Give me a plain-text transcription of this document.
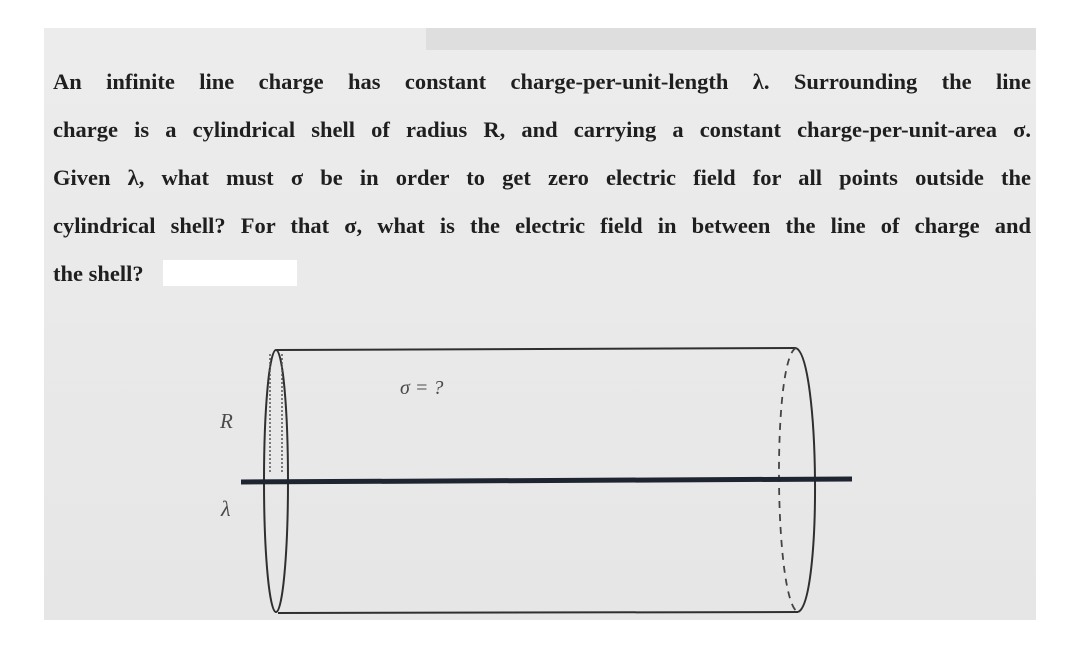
An infinite line charge has constant charge-per-unit-length λ. Surrounding the line
charge is a cylindrical shell of radius R, and carrying a constant charge-per-unit-area σ.
Given λ, what must σ be in order to get zero electric field for all points outside the
cylindrical shell? For that σ, what is the electric field in between the line of charge and
the shell?
σ = ?
R
λ
